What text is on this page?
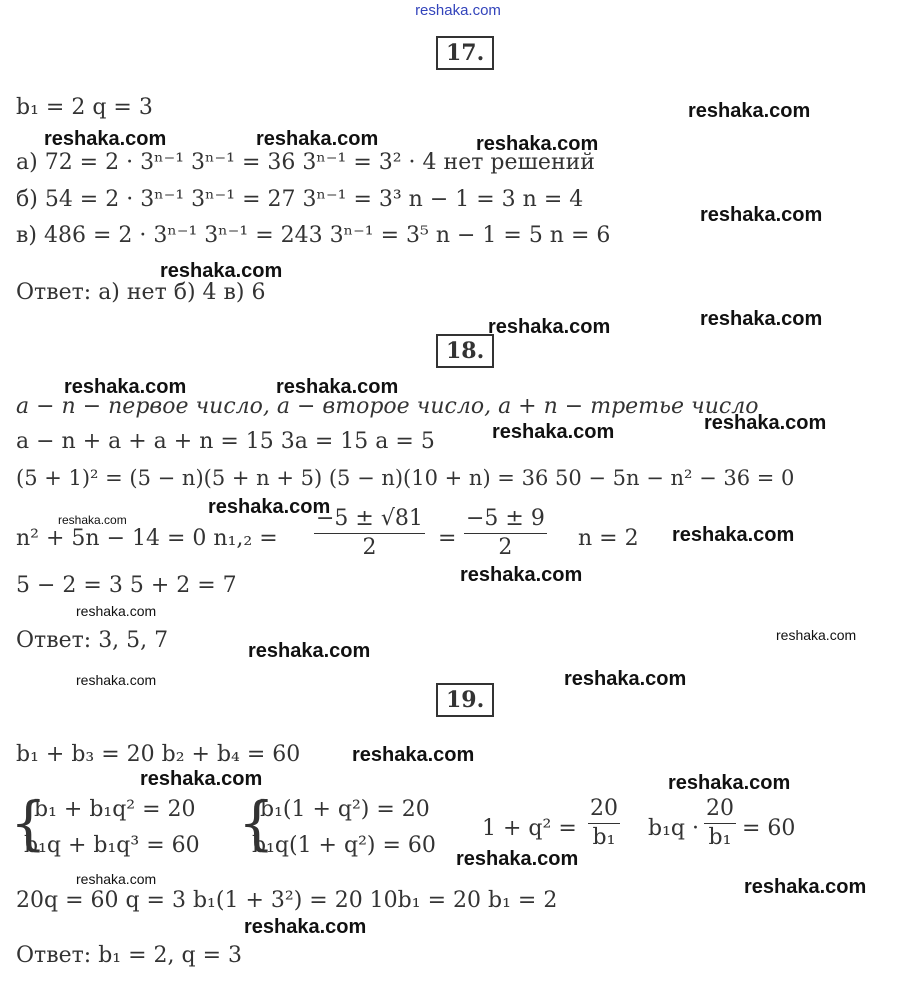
reshaka.com
17.
b₁ = 2 q = 3
а) 72 = 2 · 3ⁿ⁻¹ 3ⁿ⁻¹ = 36 3ⁿ⁻¹ = 3² · 4 нет решений
б) 54 = 2 · 3ⁿ⁻¹ 3ⁿ⁻¹ = 27 3ⁿ⁻¹ = 3³ n − 1 = 3 n = 4
в) 486 = 2 · 3ⁿ⁻¹ 3ⁿ⁻¹ = 243 3ⁿ⁻¹ = 3⁵ n − 1 = 5 n = 6
Ответ: а) нет б) 4 в) 6
18.
a − n − первое число, a − второе число, a + n − третье число
a − n + a + a + n = 15 3a = 15 a = 5
(5 + 1)² = (5 − n)(5 + n + 5) (5 − n)(10 + n) = 36 50 − 5n − n² − 36 = 0
n² + 5n − 14 = 0 $n_1,_2 = \frac{-5 \pm √81}{2} = \frac{-5 \pm 9}{2}$ n = 2
5 − 2 = 3 5 + 2 = 7
Ответ: 3, 5, 7
19.
b₁ + b₃ = 20 b₂ + b₄ = 60
{
b₁ + b₁q² = 20
b₁q + b₁q³ = 60 {
b₁(1 + q²) = 20
b₁q(1 + q²) = 60
$1 + q^2 = \frac{20}{\text{b₁}} b_1q \cdot \frac{20}{\text{b₁}} = 60$
20q = 60 q = 3 b₁(1 + 3²) = 20 10b₁ = 20 b₁ = 2
Ответ: b₁ = 2, q = 3
reshaka.com
reshaka.com	reshaka.com	reshaka.com
reshaka.com
reshaka.com
reshaka.com	reshaka.com
reshaka.com	reshaka.com
reshaka.com	reshaka.com
reshaka.com
reshaka.com
reshaka.com
reshaka.com
reshaka.com
reshaka.com
reshaka.com
reshaka.com	reshaka.com
reshaka.com
reshaka.com	reshaka.com
reshaka.com
reshaka.com	reshaka.com
reshaka.com
